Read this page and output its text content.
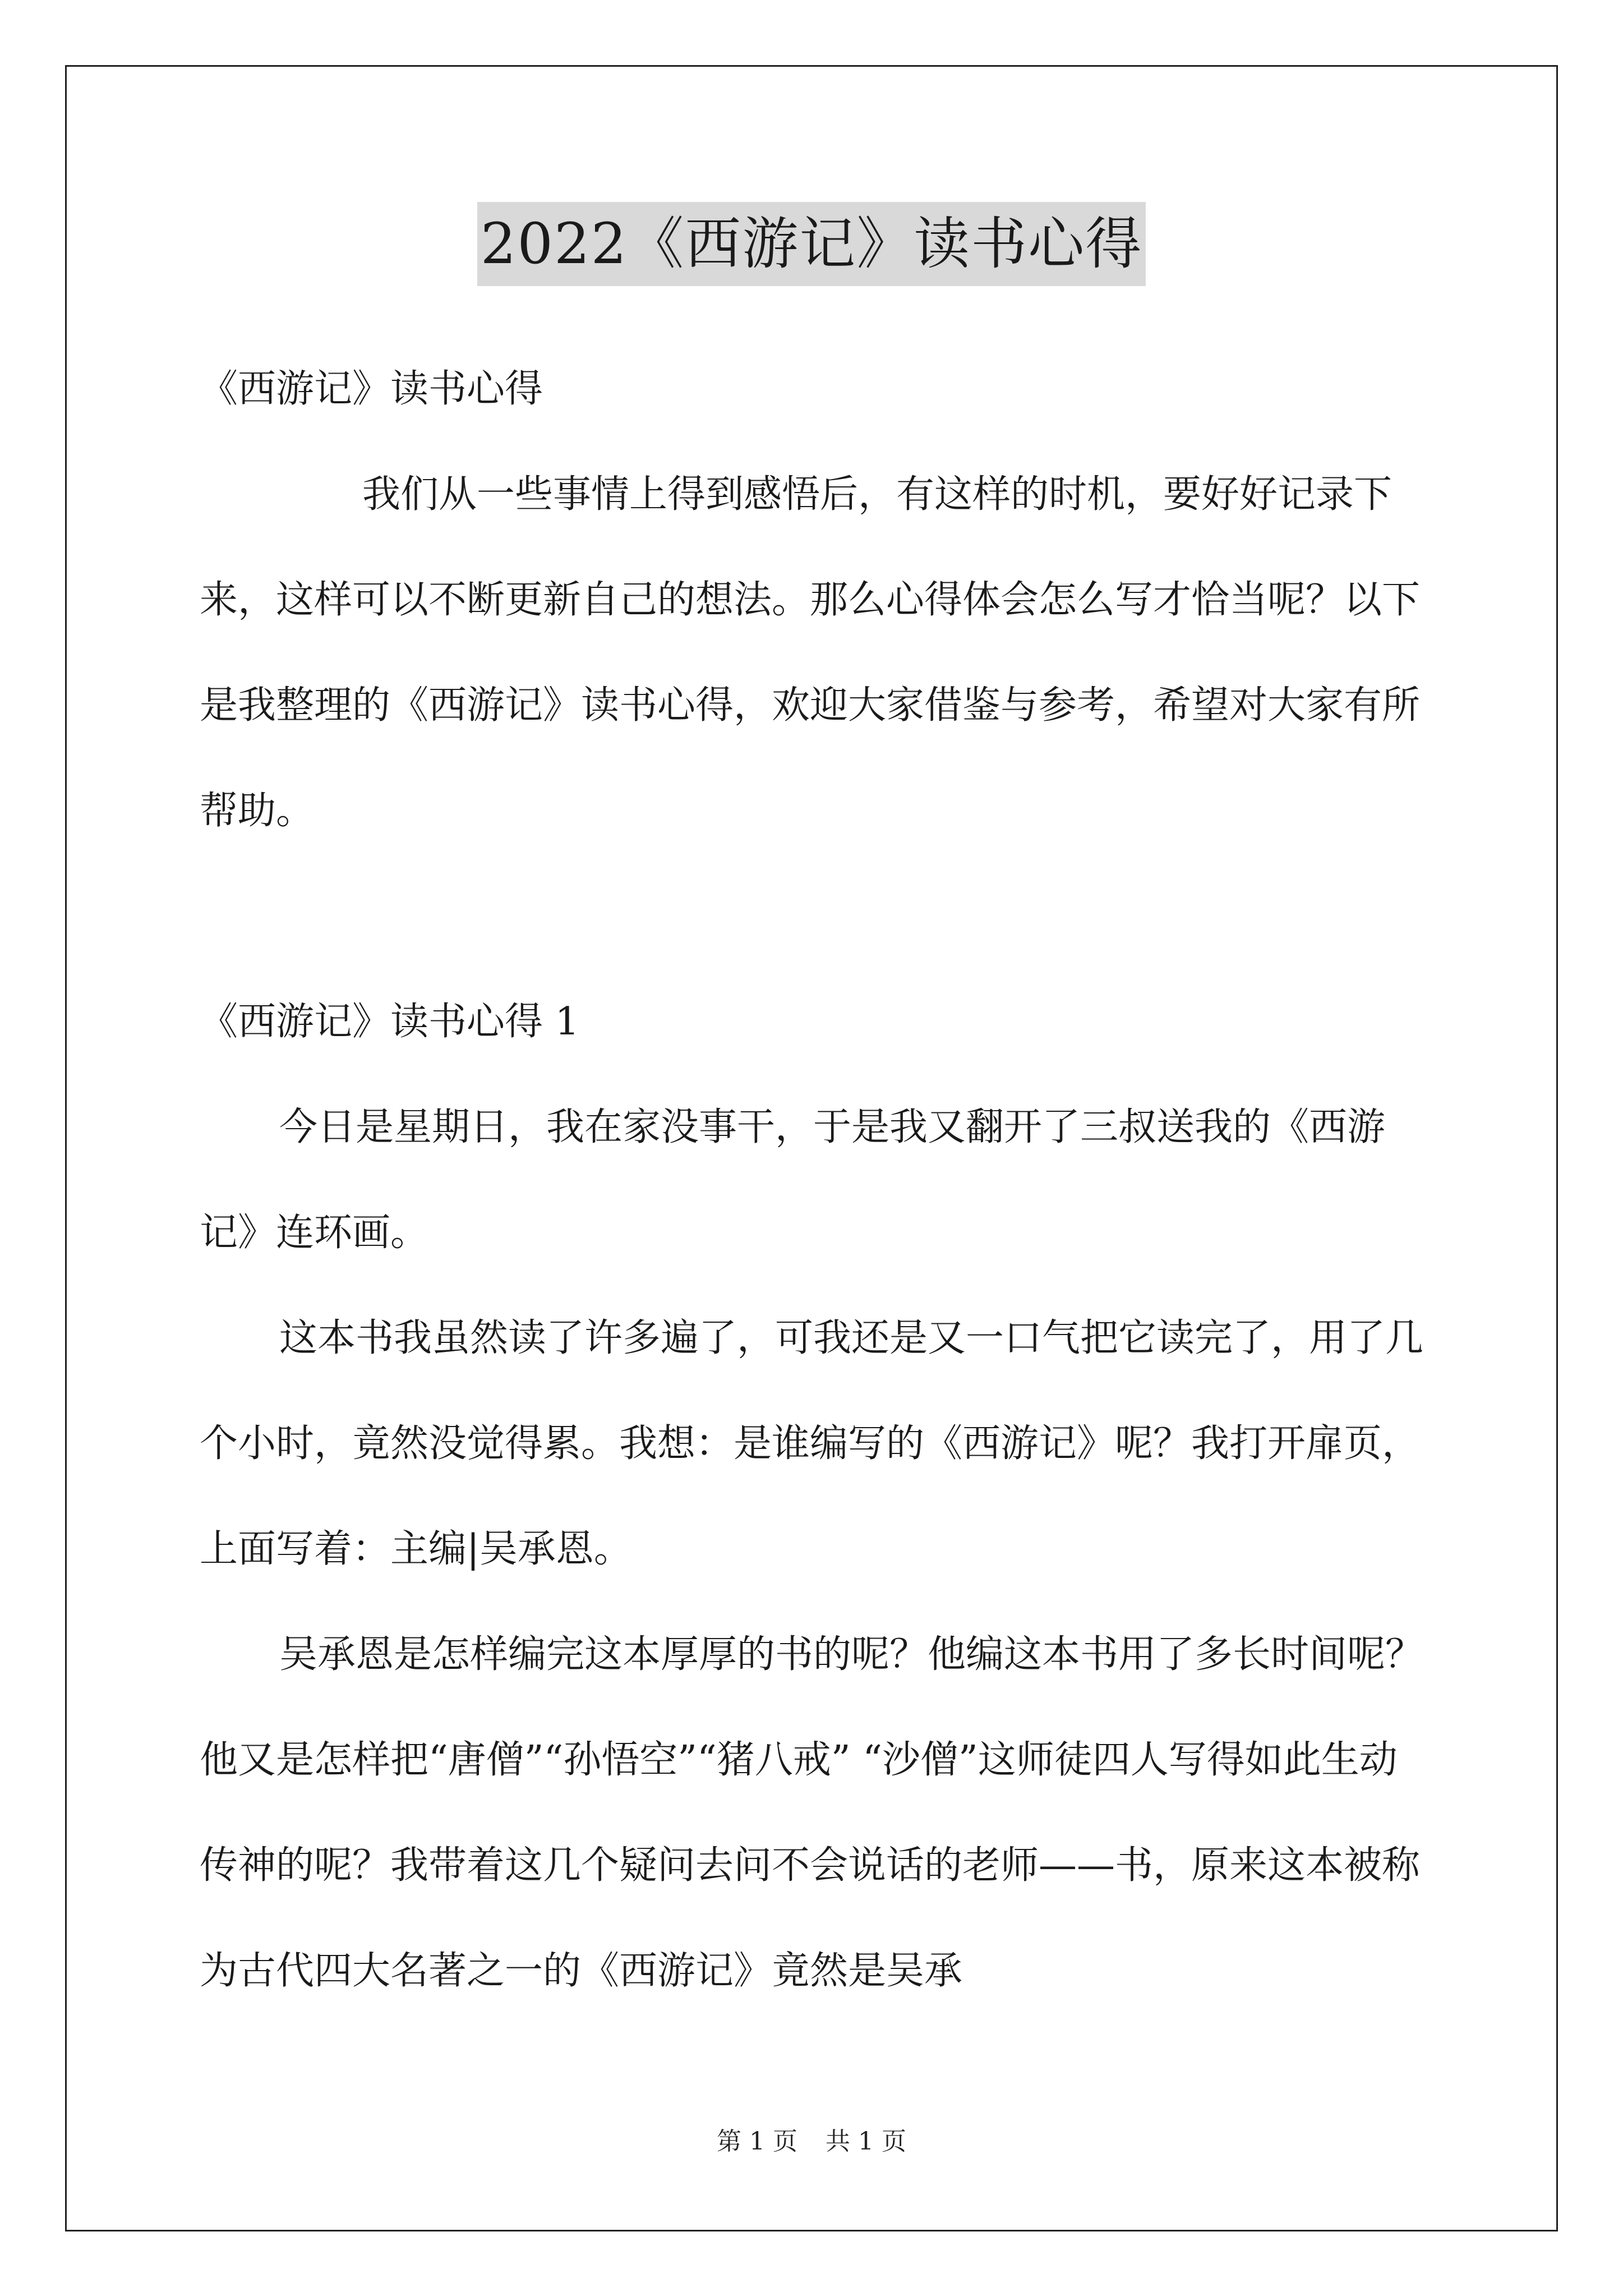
2022《西游记》读书心得

《西游记》读书心得

我们从一些事情上得到感悟后，有这样的时机，要好好记录下来，这样可以不断更新自己的想法。那么心得体会怎么写才恰当呢？以下是我整理的《西游记》读书心得，欢迎大家借鉴与参考，希望对大家有所帮助。

《西游记》读书心得 1

今日是星期日，我在家没事干，于是我又翻开了三叔送我的《西游记》连环画。

这本书我虽然读了许多遍了，可我还是又一口气把它读完了，用了几个小时，竟然没觉得累。我想：是谁编写的《西游记》呢？我打开扉页，上面写着：主编|吴承恩。

吴承恩是怎样编完这本厚厚的书的呢？他编这本书用了多长时间呢？他又是怎样把“唐僧”“孙悟空”“猪八戒” “沙僧”这师徒四人写得如此生动传神的呢？我带着这几个疑问去问不会说话的老师——书，原来这本被称为古代四大名著之一的《西游记》竟然是吴承

第 1 页 共 1 页
